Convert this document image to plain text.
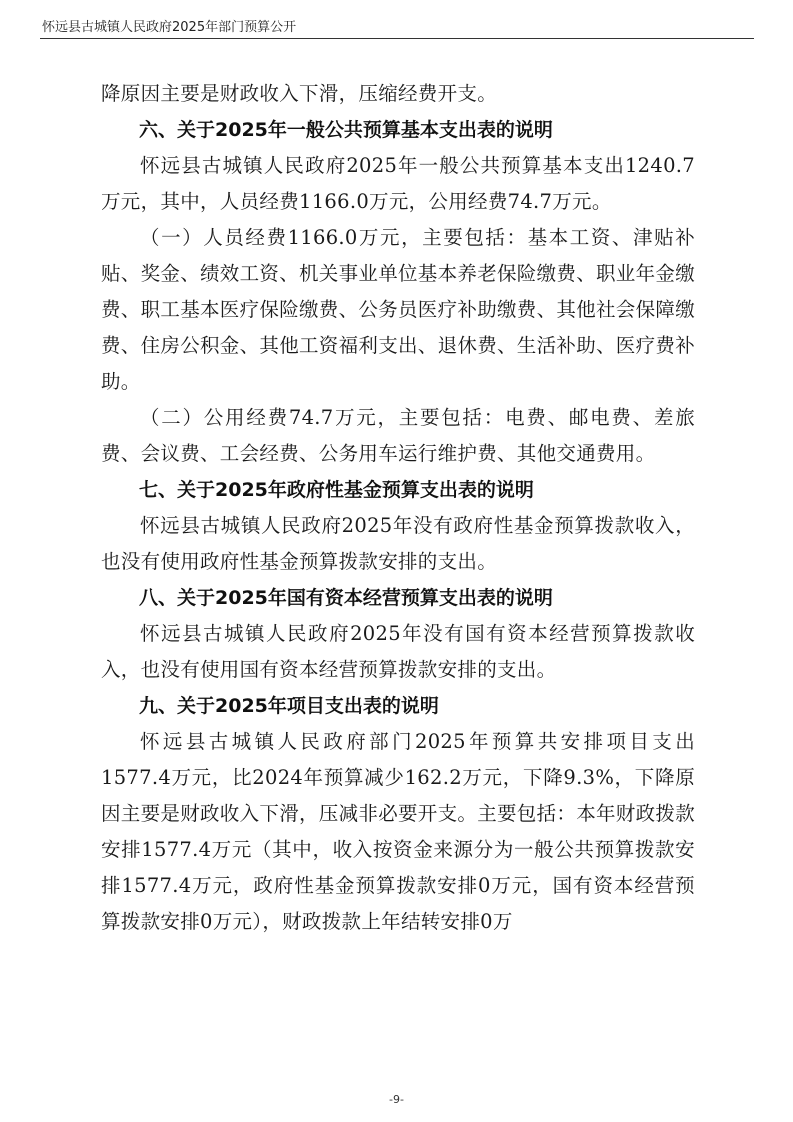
怀远县古城镇人民政府2025年部门预算公开

降原因主要是财政收入下滑，压缩经费开支。

六、关于2025年一般公共预算基本支出表的说明

怀远县古城镇人民政府2025年一般公共预算基本支出1240.7万元，其中，人员经费1166.0万元，公用经费74.7万元。

（一）人员经费1166.0万元，主要包括：基本工资、津贴补贴、奖金、绩效工资、机关事业单位基本养老保险缴费、职业年金缴费、职工基本医疗保险缴费、公务员医疗补助缴费、其他社会保障缴费、住房公积金、其他工资福利支出、退休费、生活补助、医疗费补助。

（二）公用经费74.7万元，主要包括：电费、邮电费、差旅费、会议费、工会经费、公务用车运行维护费、其他交通费用。

七、关于2025年政府性基金预算支出表的说明

怀远县古城镇人民政府2025年没有政府性基金预算拨款收入，也没有使用政府性基金预算拨款安排的支出。

八、关于2025年国有资本经营预算支出表的说明

怀远县古城镇人民政府2025年没有国有资本经营预算拨款收入，也没有使用国有资本经营预算拨款安排的支出。

九、关于2025年项目支出表的说明

怀远县古城镇人民政府部门2025年预算共安排项目支出1577.4万元，比2024年预算减少162.2万元，下降9.3%，下降原因主要是财政收入下滑，压减非必要开支。主要包括：本年财政拨款安排1577.4万元（其中，收入按资金来源分为一般公共预算拨款安排1577.4万元，政府性基金预算拨款安排0万元，国有资本经营预算拨款安排0万元），财政拨款上年结转安排0万

-9-
